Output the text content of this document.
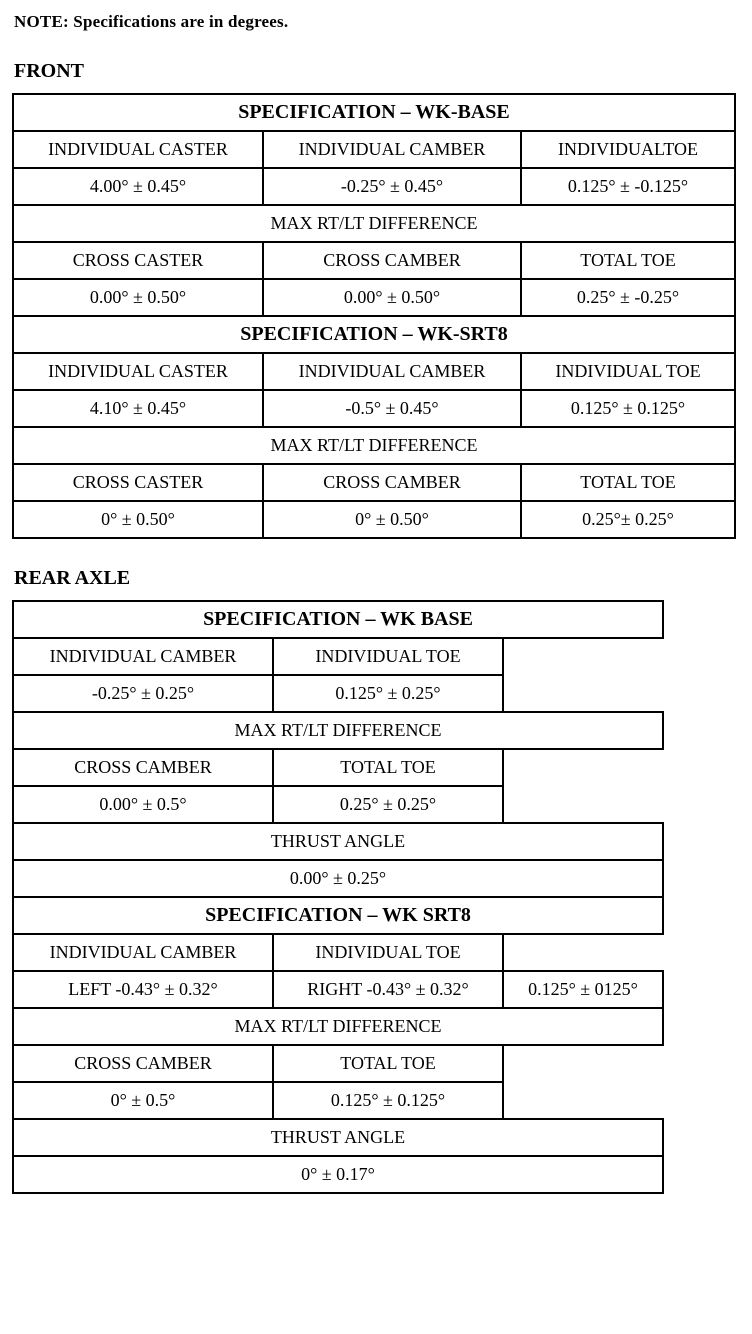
NOTE: Specifications are in degrees.
FRONT
SPECIFICATION – WK-BASE		
INDIVIDUAL CASTER	INDIVIDUAL CAMBER	INDIVIDUALTOE
4.00° ± 0.45°	-0.25° ± 0.45°	0.125° ± -0.125°
MAX RT/LT DIFFERENCE		
CROSS CASTER	CROSS CAMBER	TOTAL TOE
0.00° ± 0.50°	0.00° ± 0.50°	0.25° ± -0.25°
SPECIFICATION – WK-SRT8		
INDIVIDUAL CASTER	INDIVIDUAL CAMBER	INDIVIDUAL TOE
4.10° ± 0.45°	-0.5° ± 0.45°	0.125° ± 0.125°
MAX RT/LT DIFFERENCE		
CROSS CASTER	CROSS CAMBER	TOTAL TOE
0° ± 0.50°	0° ± 0.50°	0.25°± 0.25°
REAR AXLE
SPECIFICATION – WK BASE		
INDIVIDUAL CAMBER	INDIVIDUAL TOE	
-0.25° ± 0.25°	0.125° ± 0.25°	
MAX RT/LT DIFFERENCE		
CROSS CAMBER	TOTAL TOE	
0.00° ± 0.5°	0.25° ± 0.25°	
THRUST ANGLE		
0.00° ± 0.25°		
SPECIFICATION – WK SRT8		
INDIVIDUAL CAMBER	INDIVIDUAL TOE	
LEFT -0.43° ± 0.32°	RIGHT -0.43° ± 0.32°	0.125° ± 0125°
MAX RT/LT DIFFERENCE		
CROSS CAMBER	TOTAL TOE	
0° ± 0.5°	0.125° ± 0.125°	
THRUST ANGLE		
0° ± 0.17°		
